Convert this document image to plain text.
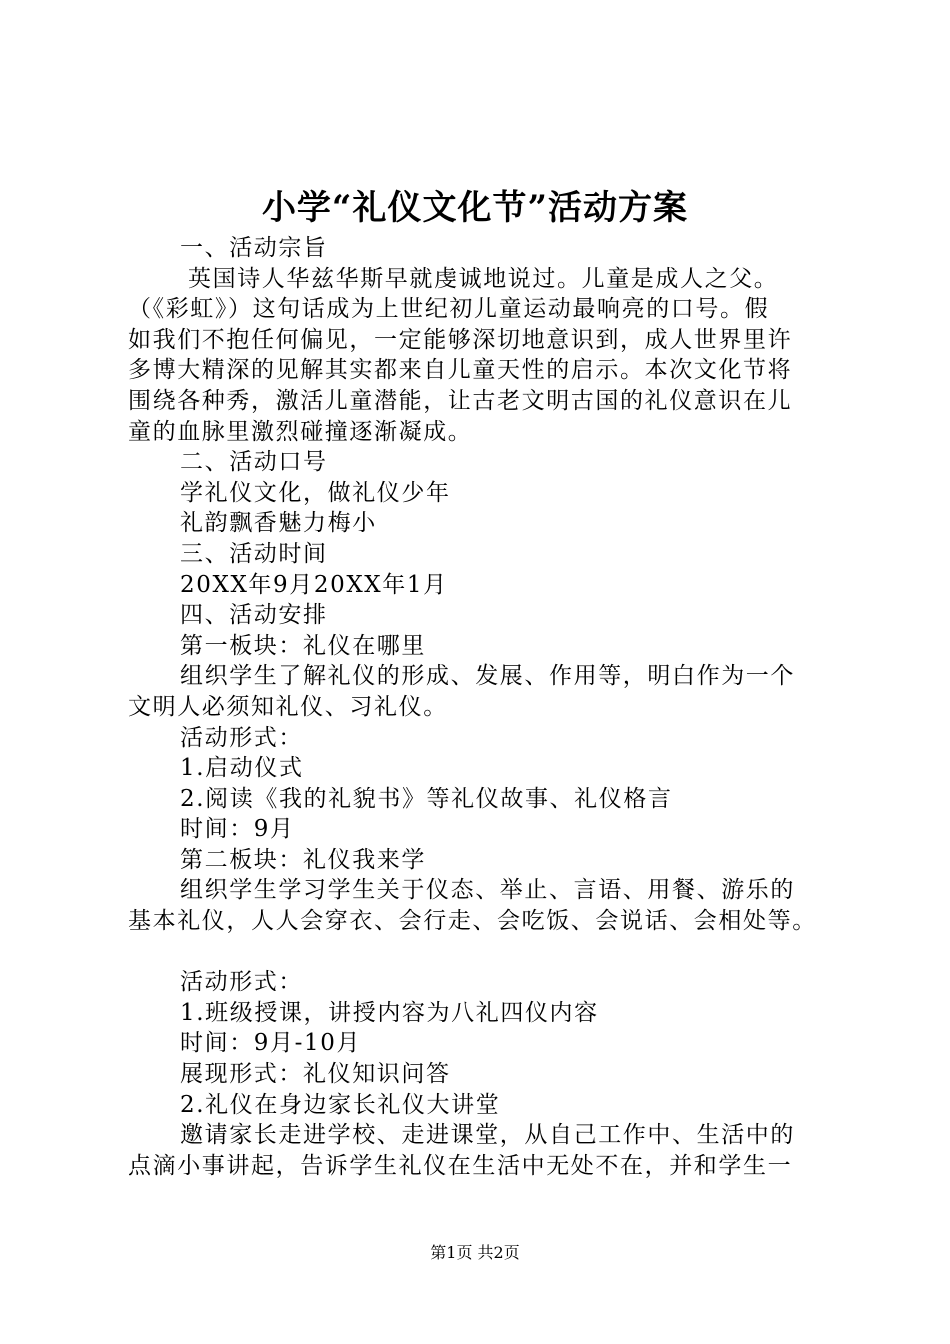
小学“礼仪文化节”活动方案
一、活动宗旨
英国诗人华兹华斯早就虔诚地说过。儿童是成人之父。
（《彩虹》）这句话成为上世纪初儿童运动最响亮的口号。假
如我们不抱任何偏见，一定能够深切地意识到，成人世界里许
多博大精深的见解其实都来自儿童天性的启示。本次文化节将
围绕各种秀，激活儿童潜能，让古老文明古国的礼仪意识在儿
童的血脉里激烈碰撞逐渐凝成。
二、活动口号
学礼仪文化，做礼仪少年
礼韵飘香魅力梅小
三、活动时间
20XX年9月20XX年1月
四、活动安排
第一板块：礼仪在哪里
组织学生了解礼仪的形成、发展、作用等，明白作为一个
文明人必须知礼仪、习礼仪。
活动形式：
1.启动仪式
2.阅读《我的礼貌书》等礼仪故事、礼仪格言
时间：9月
第二板块：礼仪我来学
组织学生学习学生关于仪态、举止、言语、用餐、游乐的
基本礼仪，人人会穿衣、会行走、会吃饭、会说话、会相处等。
活动形式：
1.班级授课，讲授内容为八礼四仪内容
时间：9月-10月
展现形式：礼仪知识问答
2.礼仪在身边家长礼仪大讲堂
邀请家长走进学校、走进课堂，从自己工作中、生活中的
点滴小事讲起，告诉学生礼仪在生活中无处不在，并和学生一
第1页 共2页
